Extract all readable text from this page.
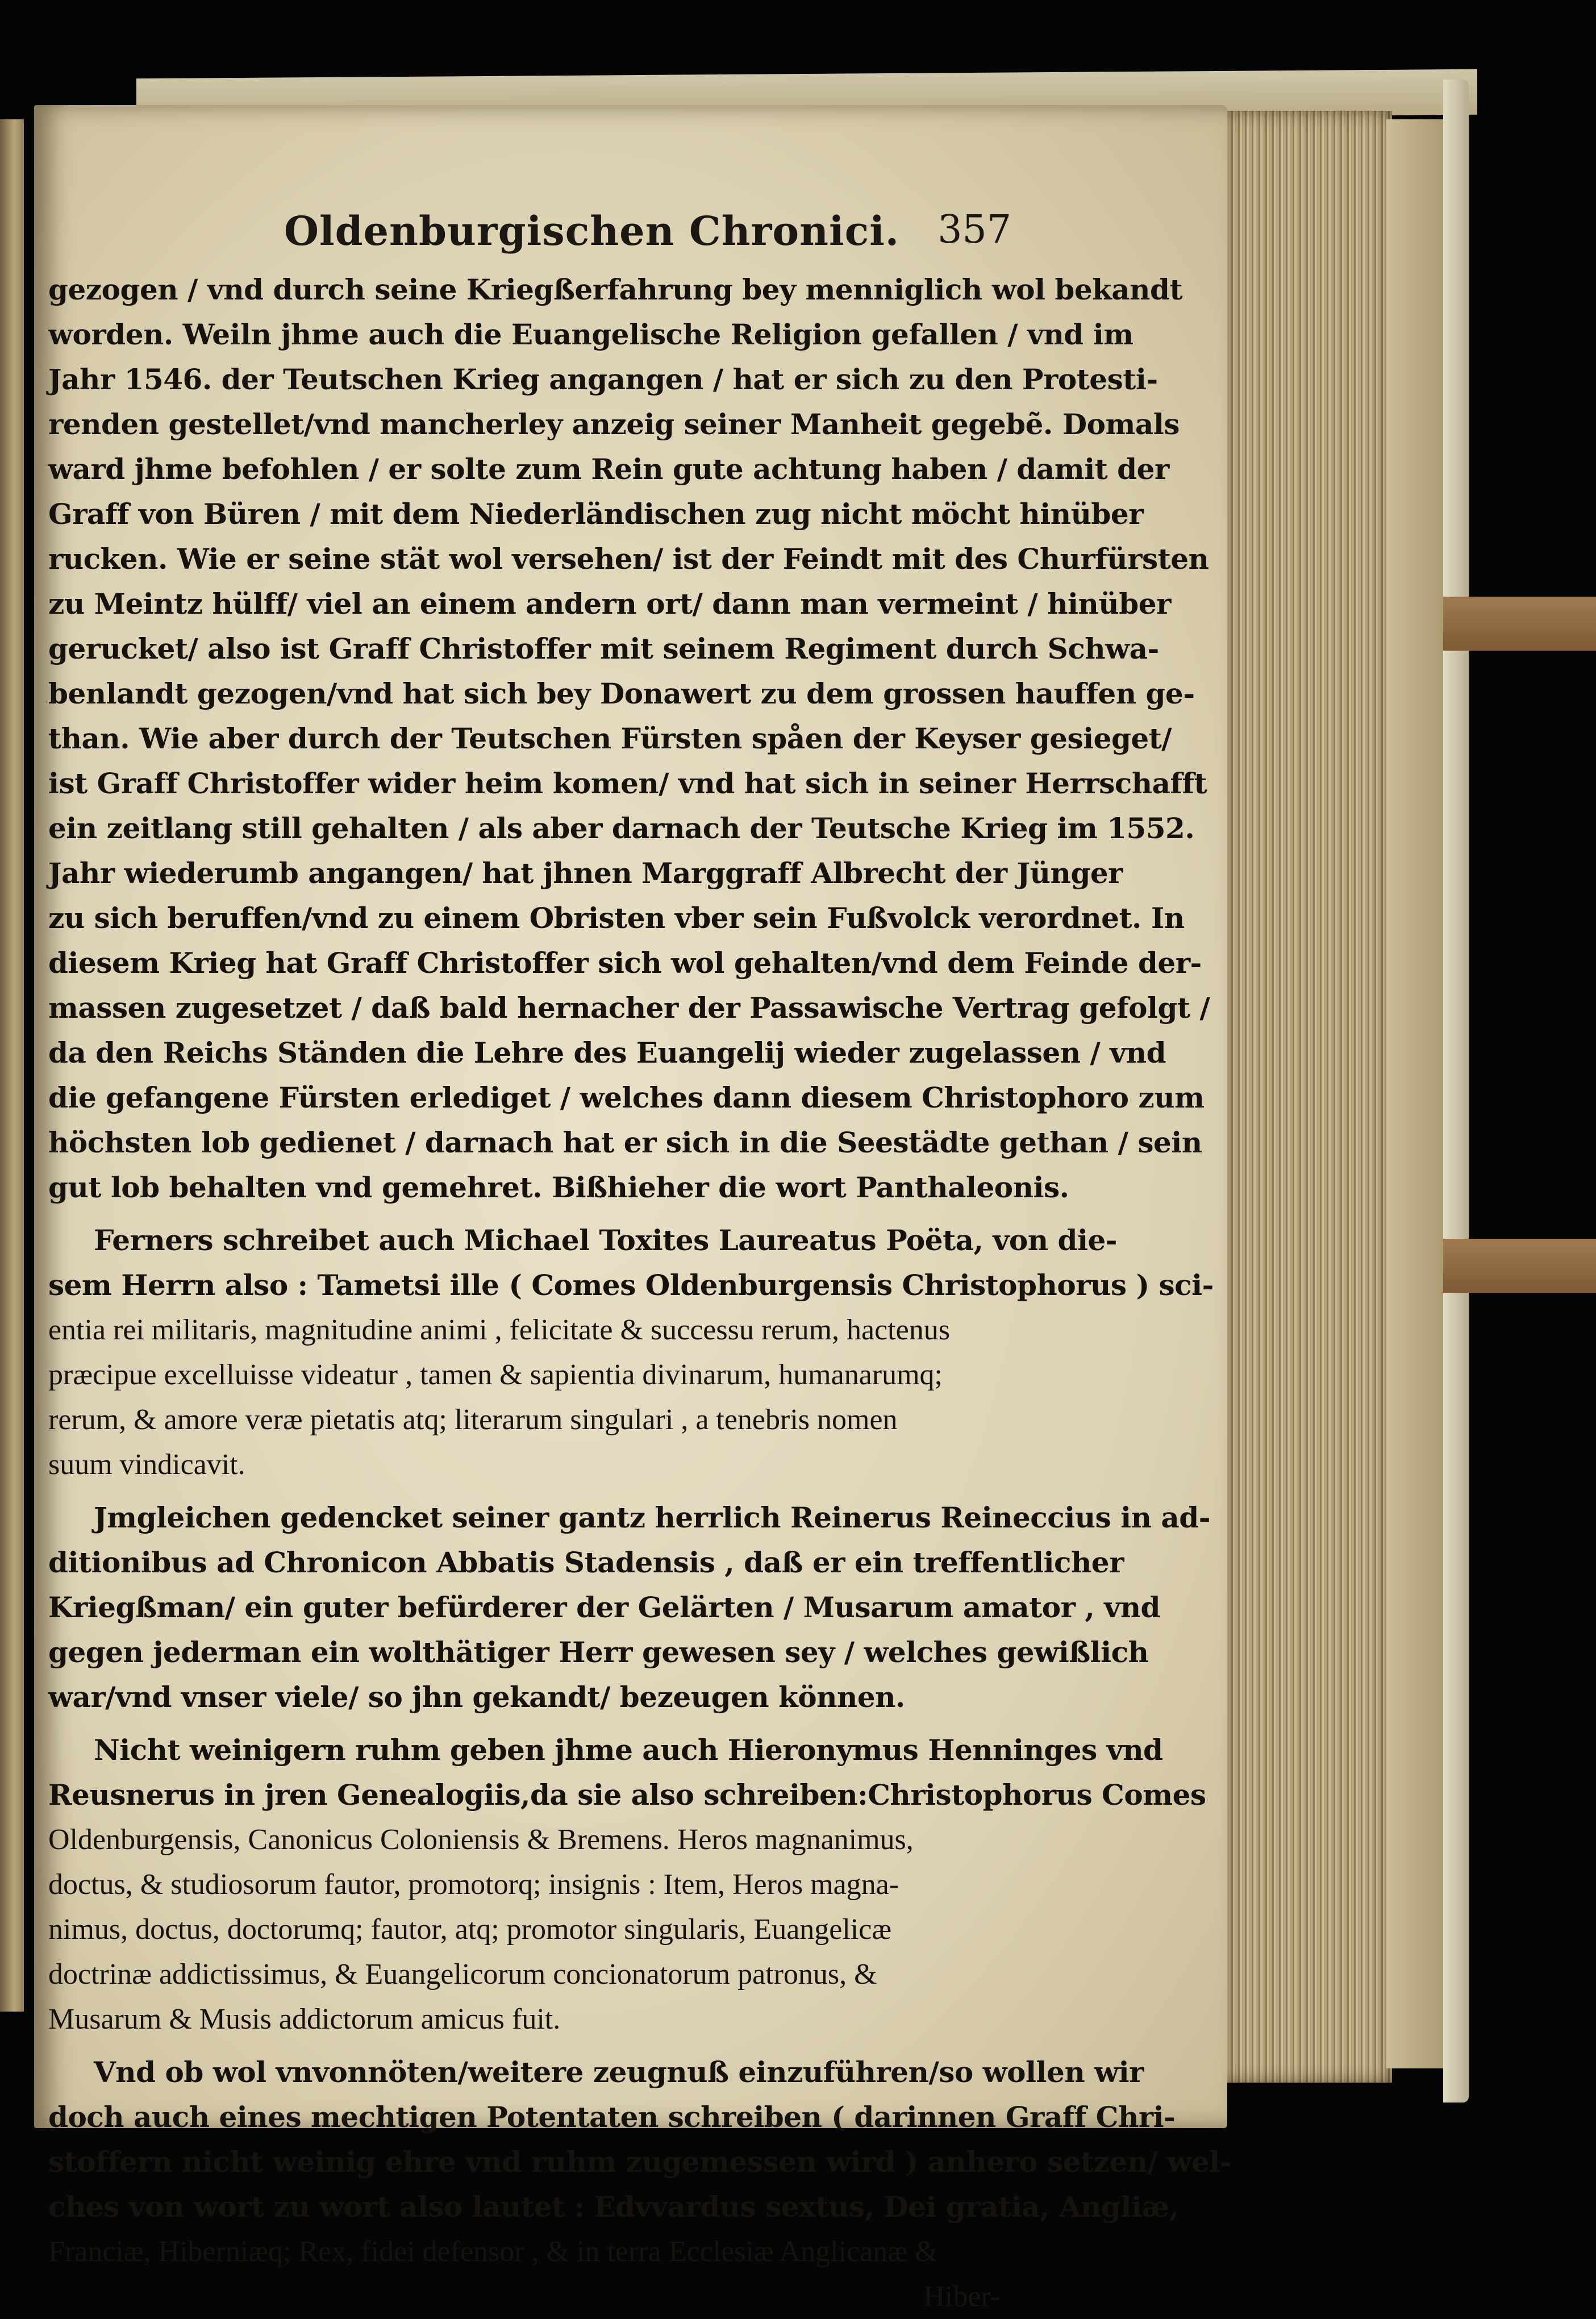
Oldenburgischen Chronici. 357
gezogen / vnd durch seine Kriegßerfahrung bey menniglich wol bekandt
worden. Weiln jhme auch die Euangelische Religion gefallen / vnd im
Jahr 1546. der Teutschen Krieg angangen / hat er sich zu den Protesti-
renden gestellet/vnd mancherley anzeig seiner Manheit gegebẽ. Domals
ward jhme befohlen / er solte zum Rein gute achtung haben / damit der
Graff von Büren / mit dem Niederländischen zug nicht möcht hinüber
rucken. Wie er seine stät wol versehen/ ist der Feindt mit des Churfürsten
zu Meintz hülff/ viel an einem andern ort/ dann man vermeint / hinüber
gerucket/ also ist Graff Christoffer mit seinem Regiment durch Schwa-
benlandt gezogen/vnd hat sich bey Donawert zu dem grossen hauffen ge-
than. Wie aber durch der Teutschen Fürsten spåen der Keyser gesieget/
ist Graff Christoffer wider heim komen/ vnd hat sich in seiner Herrschafft
ein zeitlang still gehalten / als aber darnach der Teutsche Krieg im 1552.
Jahr wiederumb angangen/ hat jhnen Marggraff Albrecht der Jünger
zu sich beruffen/vnd zu einem Obristen vber sein Fußvolck verordnet. In
diesem Krieg hat Graff Christoffer sich wol gehalten/vnd dem Feinde der-
massen zugesetzet / daß bald hernacher der Passawische Vertrag gefolgt /
da den Reichs Ständen die Lehre des Euangelij wieder zugelassen / vnd
die gefangene Fürsten erlediget / welches dann diesem Christophoro zum
höchsten lob gedienet / darnach hat er sich in die Seestädte gethan / sein
gut lob behalten vnd gemehret. Bißhieher die wort Panthaleonis.
Ferners schreibet auch Michael Toxites Laureatus Poëta, von die-
sem Herrn also : Tametsi ille ( Comes Oldenburgensis Christophorus ) sci-
entia rei militaris, magnitudine animi , felicitate & successu rerum, hactenus
præcipue excelluisse videatur , tamen & sapientia divinarum, humanarumq;
rerum, & amore veræ pietatis atq; literarum singulari , a tenebris nomen
suum vindicavit.
Jmgleichen gedencket seiner gantz herrlich Reinerus Reineccius in ad-
ditionibus ad Chronicon Abbatis Stadensis , daß er ein treffentlicher
Kriegßman/ ein guter befürderer der Gelärten / Musarum amator , vnd
gegen jederman ein wolthätiger Herr gewesen sey / welches gewißlich
war/vnd vnser viele/ so jhn gekandt/ bezeugen können.
Nicht weinigern ruhm geben jhme auch Hieronymus Henninges vnd
Reusnerus in jren Genealogiis,da sie also schreiben:Christophorus Comes
Oldenburgensis, Canonicus Coloniensis & Bremens. Heros magnanimus,
doctus, & studiosorum fautor, promotorq; insignis : Item, Heros magna-
nimus, doctus, doctorumq; fautor, atq; promotor singularis, Euangelicæ
doctrinæ addictissimus, & Euangelicorum concionatorum patronus, &
Musarum & Musis addictorum amicus fuit.
Vnd ob wol vnvonnöten/weitere zeugnuß einzuführen/so wollen wir
doch auch eines mechtigen Potentaten schreiben ( darinnen Graff Chri-
stoffern nicht weinig ehre vnd ruhm zugemessen wird ) anhero setzen/ wel-
ches von wort zu wort also lautet : Edvvardus sextus, Dei gratia, Angliæ,
Franciæ, Hiberniæq; Rex, fidei defensor , & in terra Ecclesiæ Anglicanæ &
Hiber-
